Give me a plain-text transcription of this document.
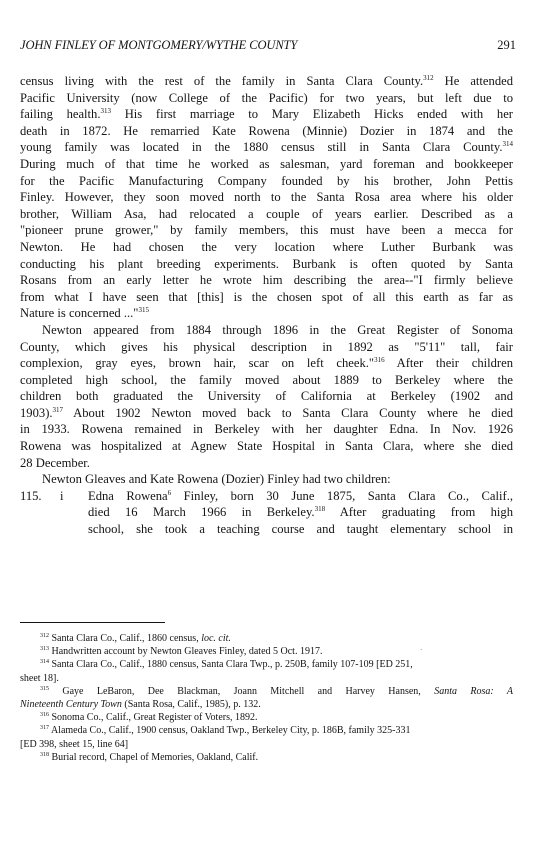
JOHN FINLEY OF MONTGOMERY/WYTHE COUNTY	291
census living with the rest of the family in Santa Clara County.$^{312}$ He attended
Pacific University (now College of the Pacific) for two years, but left due to
failing health.$^{313}$ His first marriage to Mary Elizabeth Hicks ended with her
death in 1872. He remarried Kate Rowena (Minnie) Dozier in 1874 and the
young family was located in the 1880 census still in Santa Clara County.$^{314}$
During much of that time he worked as salesman, yard foreman and bookkeeper
for the Pacific Manufacturing Company founded by his brother, John Pettis
Finley. However, they soon moved north to the Santa Rosa area where his older
brother, William Asa, had relocated a couple of years earlier. Described as a
"pioneer prune grower," by family members, this must have been a mecca for
Newton. He had chosen the very location where Luther Burbank was
conducting his plant breeding experiments. Burbank is often quoted by Santa
Rosans from an early letter he wrote him describing the area--"I firmly believe
from what I have seen that [this] is the chosen spot of all this earth as far as
Nature is concerned ..."$^{315}$
Newton appeared from 1884 through 1896 in the Great Register of Sonoma
County, which gives his physical description in 1892 as "5'11" tall, fair
complexion, gray eyes, brown hair, scar on left cheek."$^{316}$ After their children
completed high school, the family moved about 1889 to Berkeley where the
children both graduated the University of California at Berkeley (1902 and
1903).$^{317}$ About 1902 Newton moved back to Santa Clara County where he died
in 1933. Rowena remained in Berkeley with her daughter Edna. In Nov. 1926
Rowena was hospitalized at Agnew State Hospital in Santa Clara, where she died
28 December.
Newton Gleaves and Kate Rowena (Dozier) Finley had two children:
115. i Edna Rowena$^6$ Finley, born 30 June 1875, Santa Clara Co., Calif.,
died 16 March 1966 in Berkeley.$^{318}$ After graduating from high
school, she took a teaching course and taught elementary school in
·
$^{312}$ Santa Clara Co., Calif., 1860 census, loc. cit.
$^{313}$ Handwritten account by Newton Gleaves Finley, dated 5 Oct. 1917.
$^{314}$ Santa Clara Co., Calif., 1880 census, Santa Clara Twp., p. 250B, family 107-109 [ED 251,
sheet 18].
$^{315}$ Gaye LeBaron, Dee Blackman, Joann Mitchell and Harvey Hansen, Santa Rosa: A
Nineteenth Century Town (Santa Rosa, Calif., 1985), p. 132.
$^{316}$ Sonoma Co., Calif., Great Register of Voters, 1892.
$^{317}$ Alameda Co., Calif., 1900 census, Oakland Twp., Berkeley City, p. 186B, family 325-331
[ED 398, sheet 15, line 64]
$^{318}$ Burial record, Chapel of Memories, Oakland, Calif.
